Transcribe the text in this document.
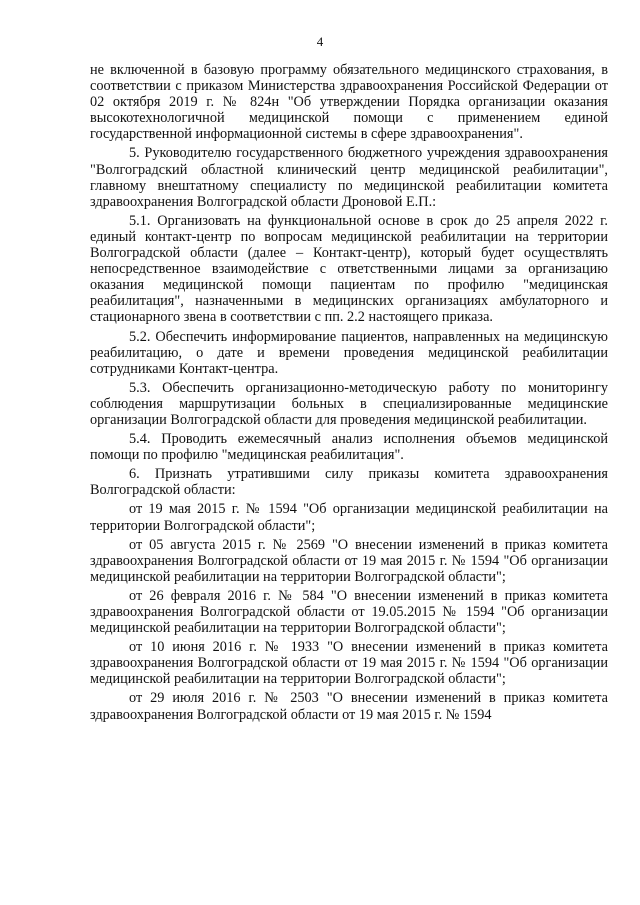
4

не включенной в базовую программу обязательного медицинского страхования, в соответствии с приказом Министерства здравоохранения Российской Федерации от 02 октября 2019 г. № 824н "Об утверждении Порядка организации оказания высокотехнологичной медицинской помощи с применением единой государственной информационной системы в сфере здравоохранения".

5. Руководителю государственного бюджетного учреждения здравоохранения "Волгоградский областной клинический центр медицинской реабилитации", главному внештатному специалисту по медицинской реабилитации комитета здравоохранения Волгоградской области Дроновой Е.П.:

5.1. Организовать на функциональной основе в срок до 25 апреля 2022 г. единый контакт-центр по вопросам медицинской реабилитации на территории Волгоградской области (далее – Контакт-центр), который будет осуществлять непосредственное взаимодействие с ответственными лицами за организацию оказания медицинской помощи пациентам по профилю "медицинская реабилитация", назначенными в медицинских организациях амбулаторного и стационарного звена в соответствии с пп. 2.2 настоящего приказа.

5.2. Обеспечить информирование пациентов, направленных на медицинскую реабилитацию, о дате и времени проведения медицинской реабилитации сотрудниками Контакт-центра.

5.3. Обеспечить организационно-методическую работу по мониторингу соблюдения маршрутизации больных в специализированные медицинские организации Волгоградской области для проведения медицинской реабилитации.

5.4. Проводить ежемесячный анализ исполнения объемов медицинской помощи по профилю "медицинская реабилитация".

6. Признать утратившими силу приказы комитета здравоохранения Волгоградской области:

от 19 мая 2015 г. № 1594 "Об организации медицинской реабилитации на территории Волгоградской области";

от 05 августа 2015 г. № 2569 "О внесении изменений в приказ комитета здравоохранения Волгоградской области от 19 мая 2015 г. № 1594 "Об организации медицинской реабилитации на территории Волгоградской области";

от 26 февраля 2016 г. № 584 "О внесении изменений в приказ комитета здравоохранения Волгоградской области от 19.05.2015 № 1594 "Об организации медицинской реабилитации на территории Волгоградской области";

от 10 июня 2016 г. № 1933 "О внесении изменений в приказ комитета здравоохранения Волгоградской области от 19 мая 2015 г. № 1594 "Об организации медицинской реабилитации на территории Волгоградской области";

от 29 июля 2016 г. № 2503 "О внесении изменений в приказ комитета здравоохранения Волгоградской области от 19 мая 2015 г. № 1594
